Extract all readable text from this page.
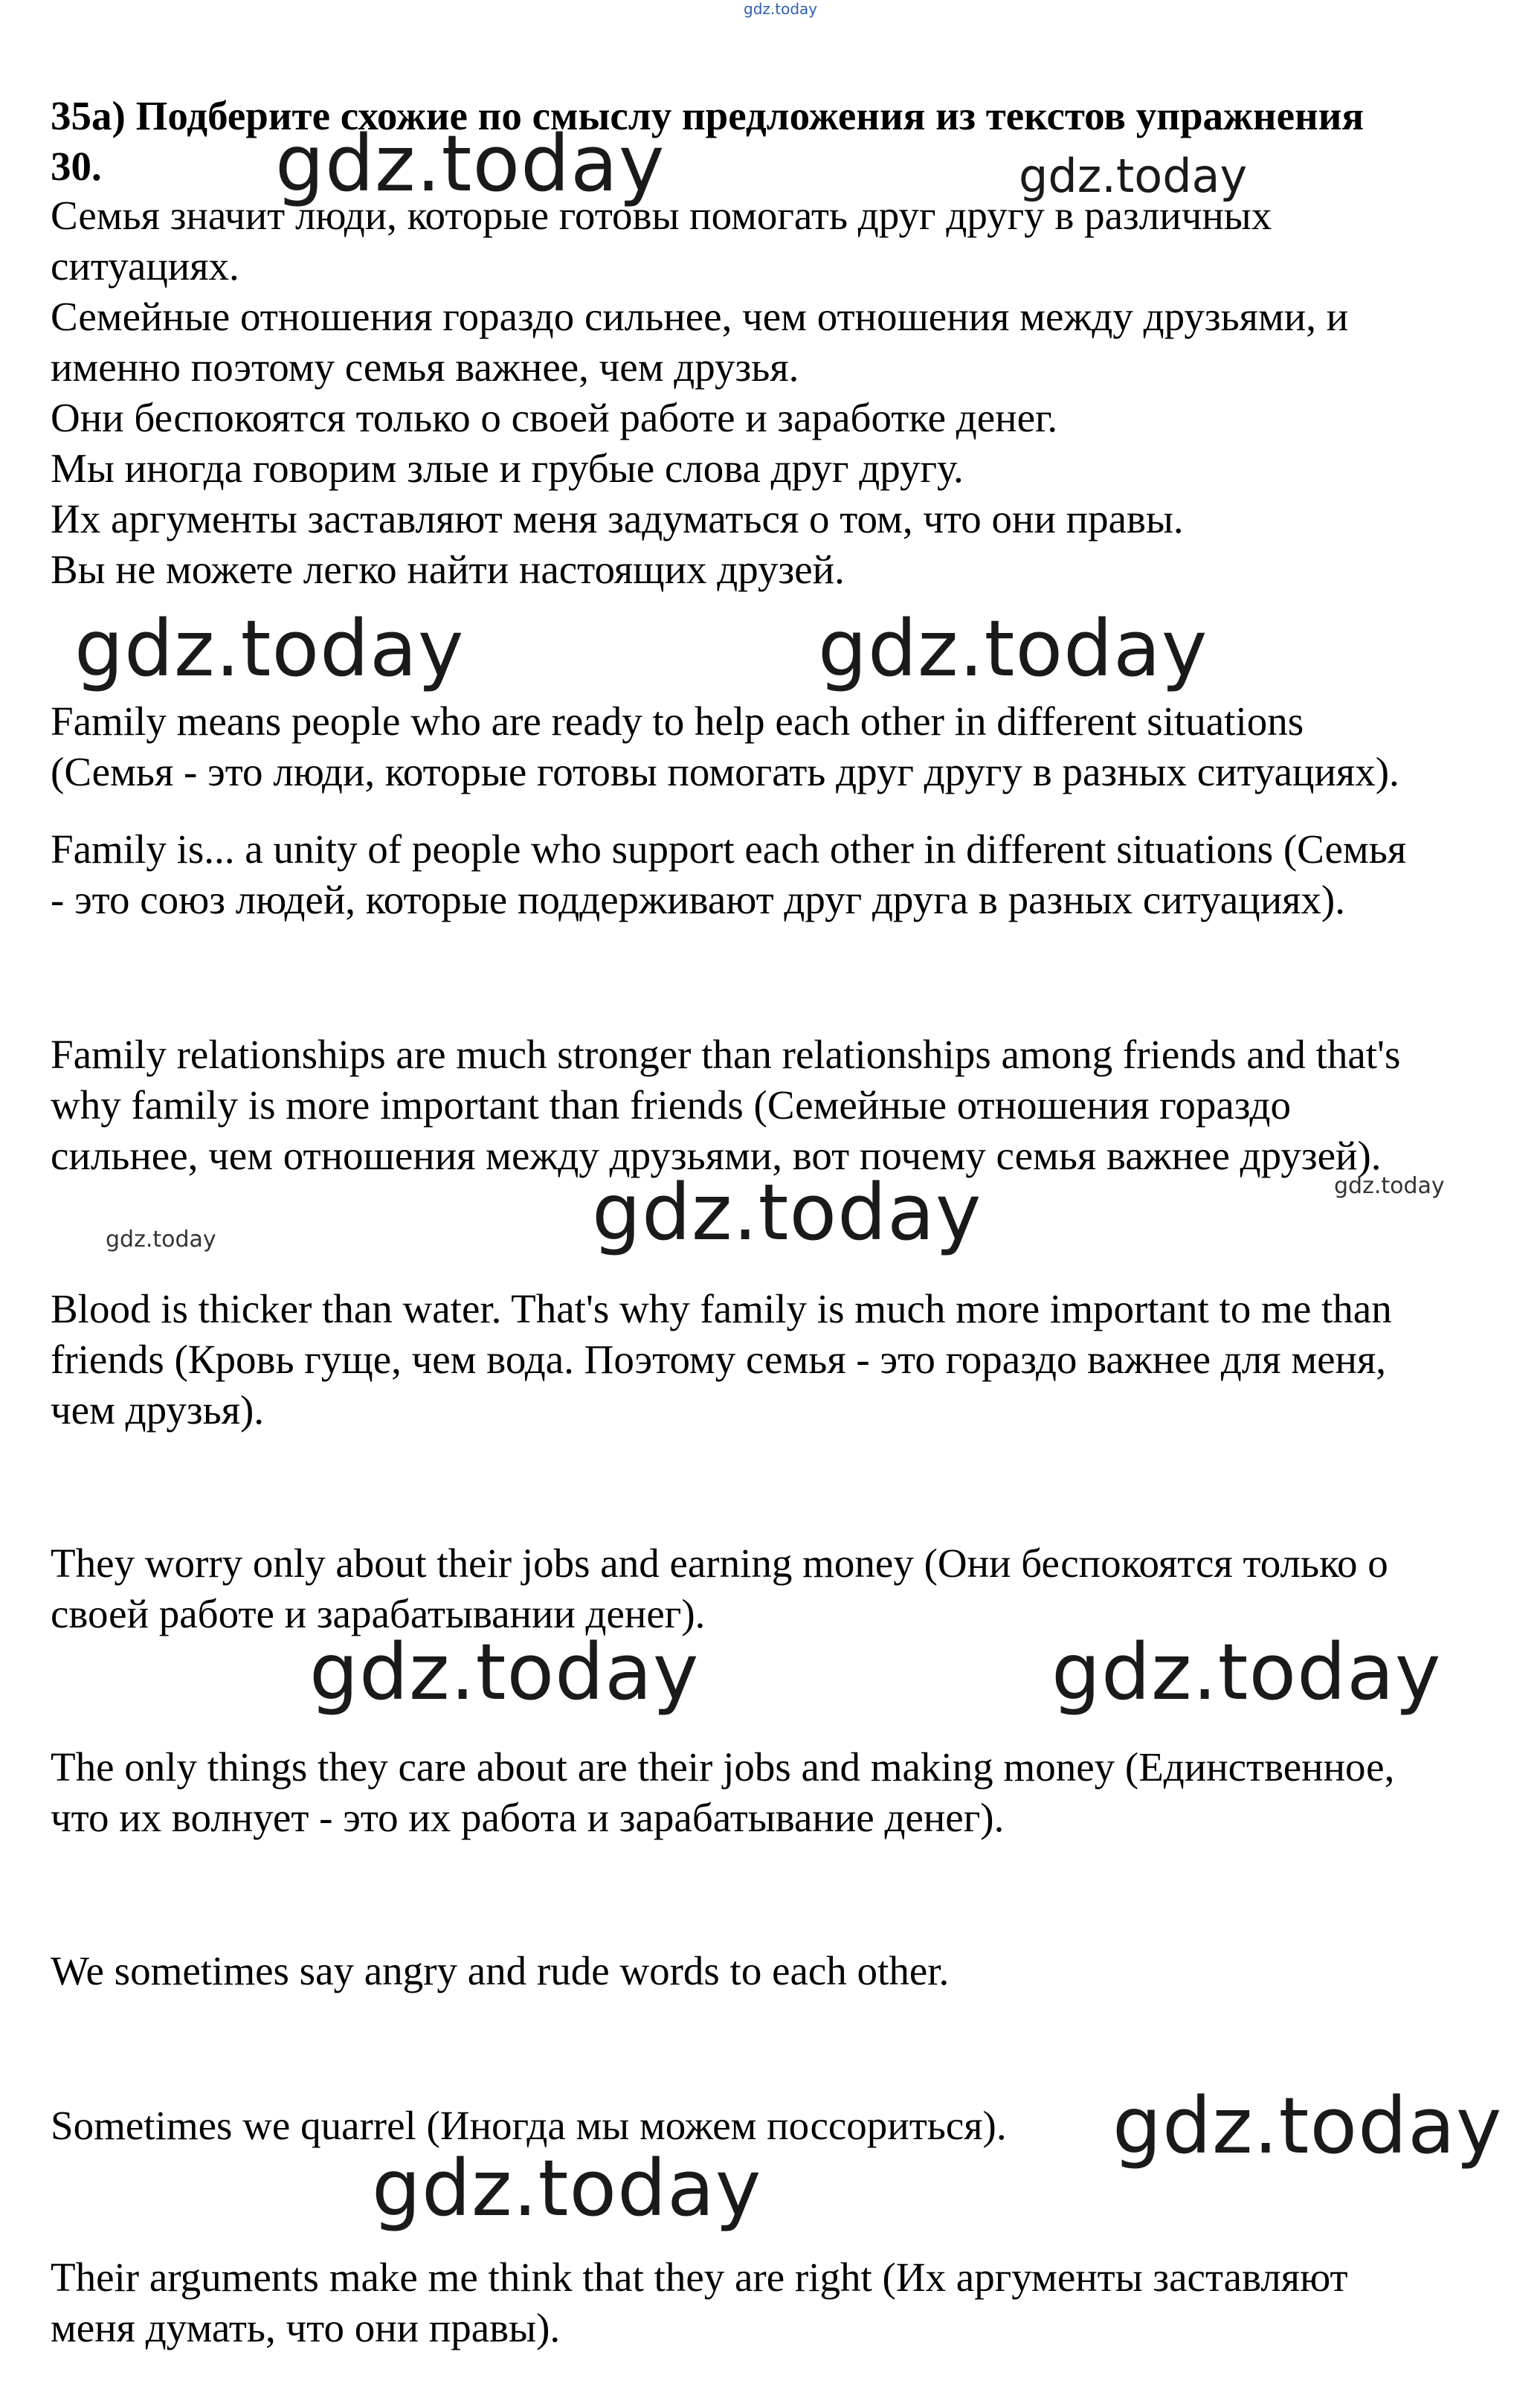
gdz.today

35a) Подберите схожие по смыслу предложения из текстов упражнения

30.

Семья значит люди, которые готовы помогать друг другу в различных

ситуациях.

Семейные отношения гораздо сильнее, чем отношения между друзьями, и

именно поэтому семья важнее, чем друзья.

Они беспокоятся только о своей работе и заработке денег.

Мы иногда говорим злые и грубые слова друг другу.

Их аргументы заставляют меня задуматься о том, что они правы.

Вы не можете легко найти настоящих друзей.

Family means people who are ready to help each other in different situations

(Семья - это люди, которые готовы помогать друг другу в разных ситуациях).

Family is... a unity of people who support each other in different situations (Семья

- это союз людей, которые поддерживают друг друга в разных ситуациях).

Family relationships are much stronger than relationships among friends and that's

why family is more important than friends (Семейные отношения гораздо

сильнее, чем отношения между друзьями, вот почему семья важнее друзей).

Blood is thicker than water. That's why family is much more important to me than

friends (Кровь гуще, чем вода. Поэтому семья - это гораздо важнее для меня,

чем друзья).

They worry only about their jobs and earning money (Они беспокоятся только о

своей работе и зарабатывании денег).

The only things they care about are their jobs and making money (Единственное,

что их волнует - это их работа и зарабатывание денег).

We sometimes say angry and rude words to each other.

Sometimes we quarrel (Иногда мы можем поссориться).

Their arguments make me think that they are right (Их аргументы заставляют

меня думать, что они правы).

gdz.today	gdz.today
gdz.today	gdz.today
gdz.today
gdz.today
gdz.today
gdz.today	gdz.today
gdz.today
gdz.today
